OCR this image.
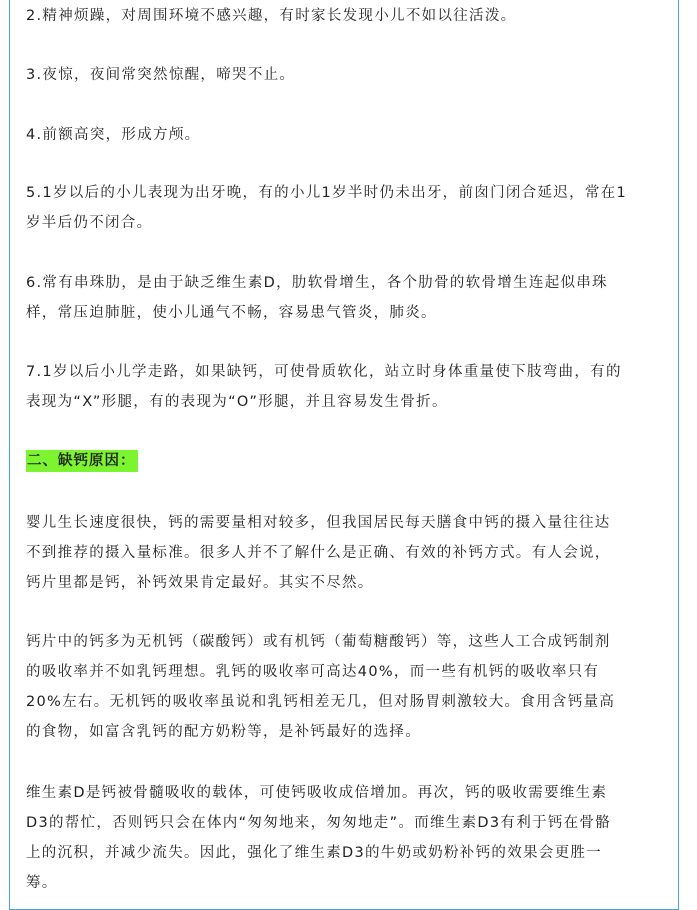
2.精神烦躁，对周围环境不感兴趣，有时家长发现小儿不如以往活泼。

3.夜惊，夜间常突然惊醒，啼哭不止。

4.前额高突，形成方颅。

5.1岁以后的小儿表现为出牙晚，有的小儿1岁半时仍未出牙，前囱门闭合延迟，常在1
岁半后仍不闭合。

6.常有串珠肋，是由于缺乏维生素D，肋软骨增生，各个肋骨的软骨增生连起似串珠
样，常压迫肺脏，使小儿通气不畅，容易患气管炎，肺炎。

7.1岁以后小儿学走路，如果缺钙，可使骨质软化，站立时身体重量使下肢弯曲，有的
表现为“X”形腿，有的表现为“O”形腿，并且容易发生骨折。

二、缺钙原因：

婴儿生长速度很快，钙的需要量相对较多，但我国居民每天膳食中钙的摄入量往往达
不到推荐的摄入量标准。很多人并不了解什么是正确、有效的补钙方式。有人会说，
钙片里都是钙，补钙效果肯定最好。其实不尽然。

钙片中的钙多为无机钙（碳酸钙）或有机钙（葡萄糖酸钙）等，这些人工合成钙制剂
的吸收率并不如乳钙理想。乳钙的吸收率可高达40%，而一些有机钙的吸收率只有
20%左右。无机钙的吸收率虽说和乳钙相差无几，但对肠胃刺激较大。食用含钙量高
的食物，如富含乳钙的配方奶粉等，是补钙最好的选择。

维生素D是钙被骨髓吸收的载体，可使钙吸收成倍增加。再次，钙的吸收需要维生素
D3的帮忙，否则钙只会在体内“匆匆地来，匆匆地走”。而维生素D3有利于钙在骨骼
上的沉积，并减少流失。因此，强化了维生素D3的牛奶或奶粉补钙的效果会更胜一
筹。
